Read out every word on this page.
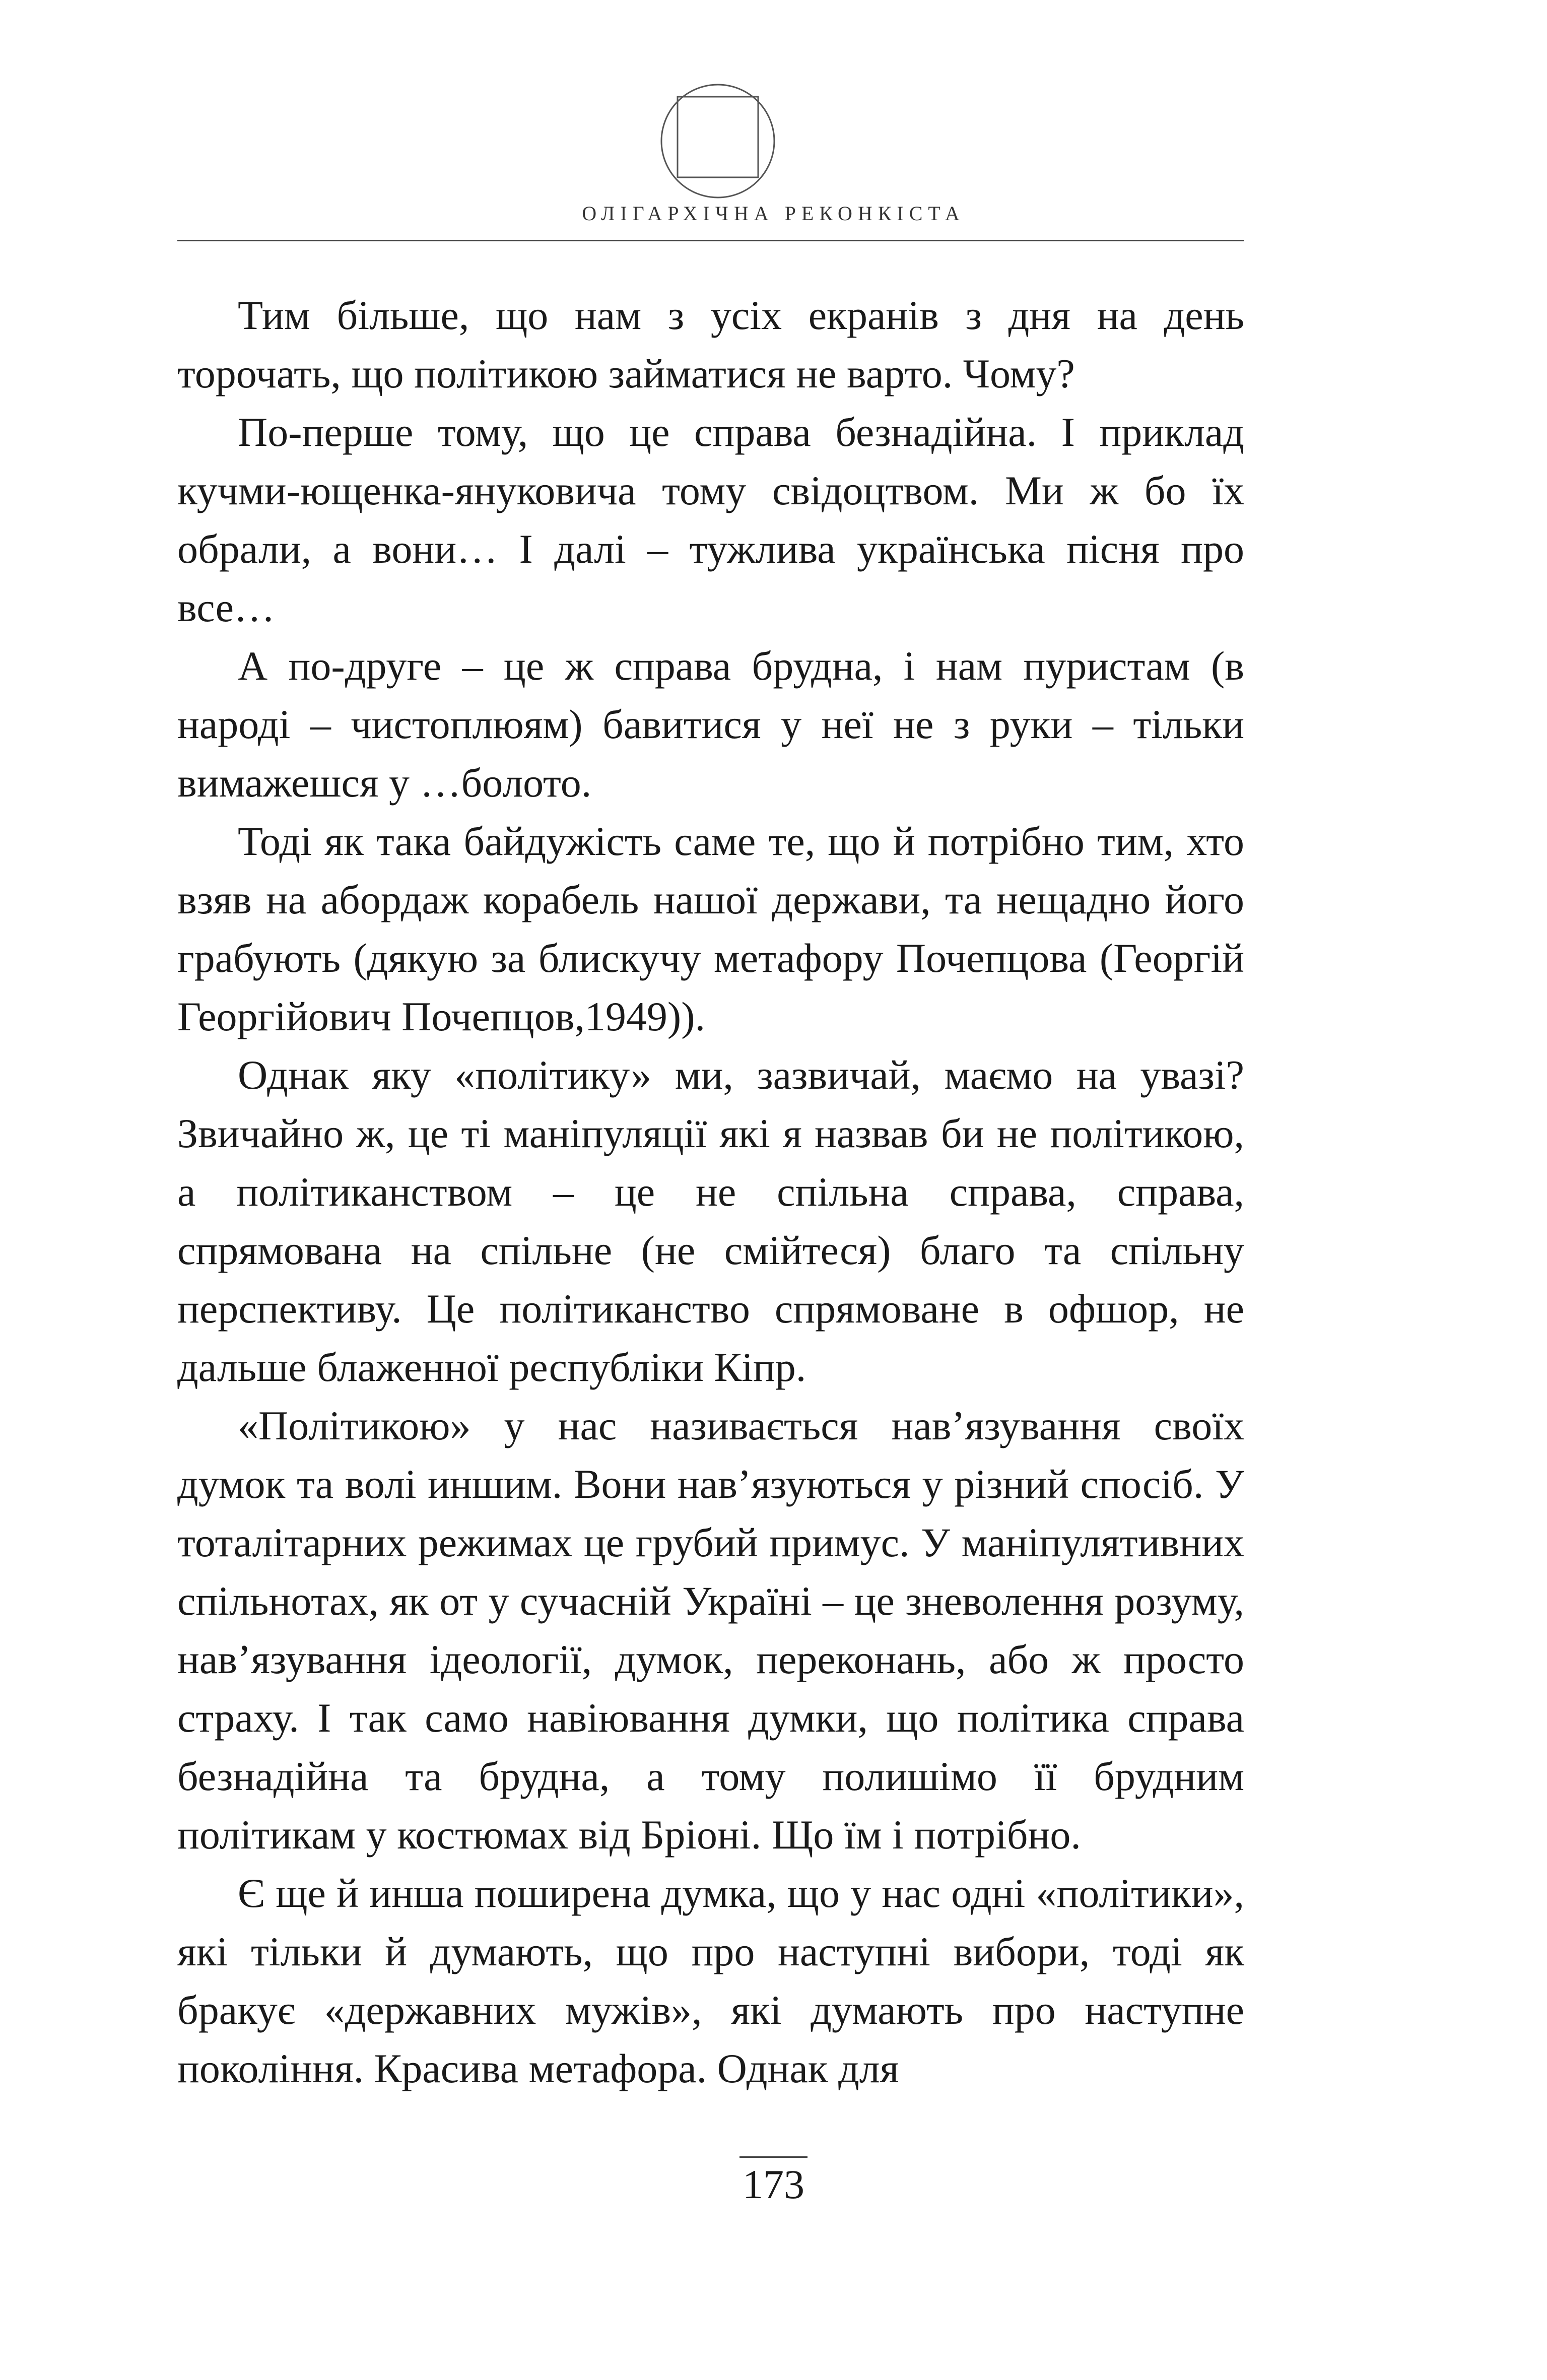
ОЛІГАРХІЧНА РЕКОНКІСТА

Тим більше, що нам з усіх екранів з дня на день торочать, що політикою займатися не варто. Чому?

По-перше тому, що це справа безнадійна. І приклад кучми-ющенка-януковича тому свідоцтвом. Ми ж бо їх обрали, а вони… І далі – тужлива українська пісня про все…

А по-друге – це ж справа брудна, і нам пуристам (в народі – чистоплюям) бавитися у неї не з руки – тільки вимажешся у …болото.

Тоді як така байдужість саме те, що й потрібно тим, хто взяв на абордаж корабель нашої держави, та нещадно його грабують (дякую за блискучу метафору Почепцова (Георгій Георгійович Почепцов,1949)).

Однак яку «політику» ми, зазвичай, маємо на увазі? Звичайно ж, це ті маніпуляції які я назвав би не політикою, а політиканством – це не спільна справа, справа, спрямована на спільне (не смійтеся) благо та спільну перспективу. Це політиканство спрямоване в офшор, не дальше блаженної республіки Кіпр.

«Політикою» у нас називається нав’язування своїх думок та волі иншим. Вони нав’язуються у різний спосіб. У тоталітарних режимах це грубий примус. У маніпулятивних спільнотах, як от у сучасній Україні – це зневолення розуму, нав’язування ідеології, думок, переконань, або ж просто страху. І так само навіювання думки, що політика справа безнадійна та брудна, а тому полишімо її брудним політикам у костюмах від Бріоні. Що їм і потрібно.

Є ще й инша поширена думка, що у нас одні «політики», які тільки й думають, що про наступні вибори, тоді як бракує «державних мужів», які думають про наступне покоління. Красива метафора. Однак для

173
